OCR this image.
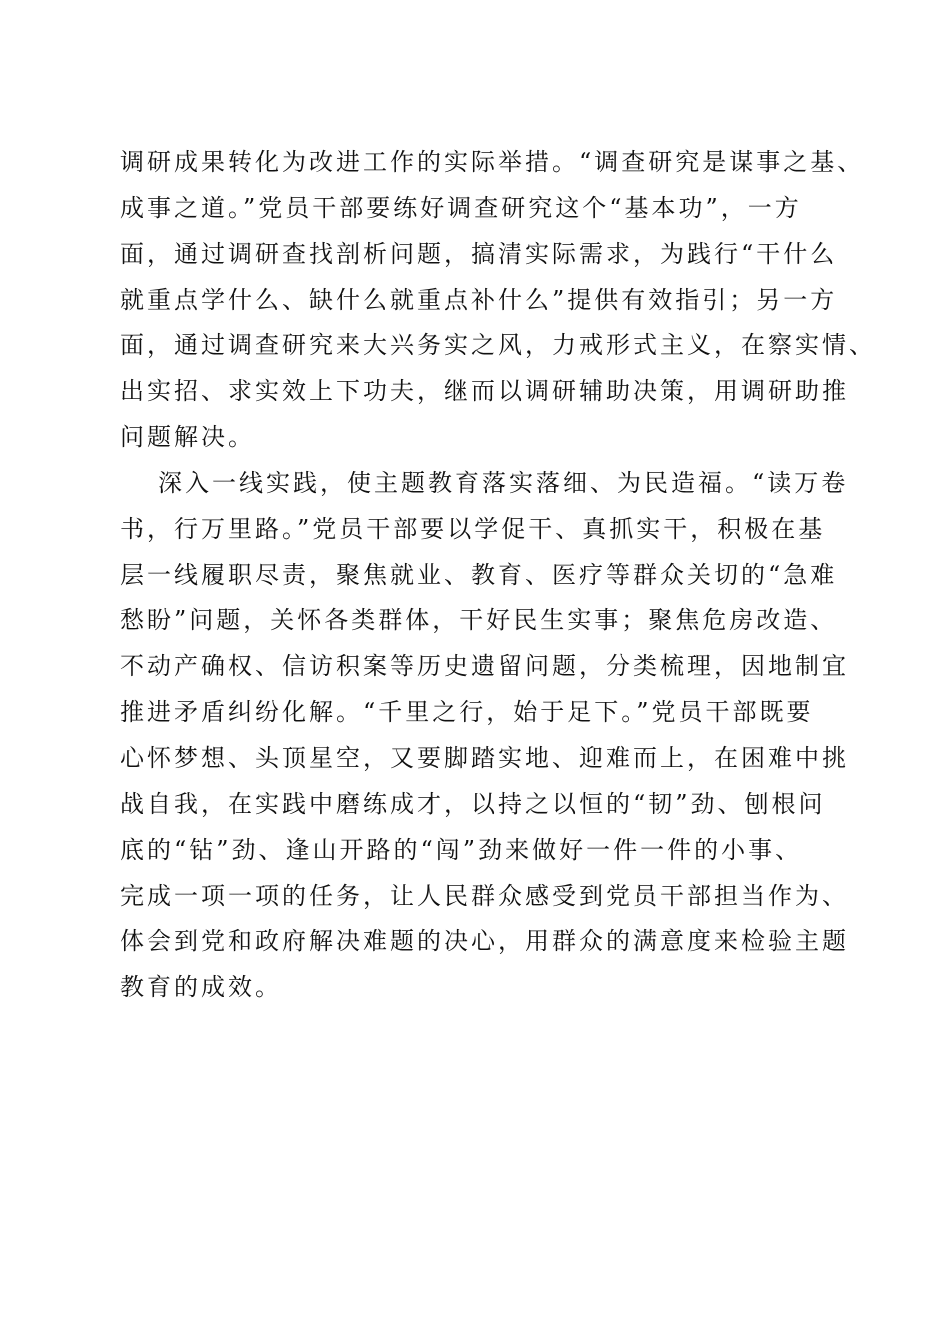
调研成果转化为改进工作的实际举措。“调查研究是谋事之基、
成事之道。”党员干部要练好调查研究这个“基本功”，一方
面，通过调研查找剖析问题，搞清实际需求，为践行“干什么
就重点学什么、缺什么就重点补什么”提供有效指引；另一方
面，通过调查研究来大兴务实之风，力戒形式主义，在察实情、
出实招、求实效上下功夫，继而以调研辅助决策，用调研助推
问题解决。
深入一线实践，使主题教育落实落细、为民造福。“读万卷
书，行万里路。”党员干部要以学促干、真抓实干，积极在基
层一线履职尽责，聚焦就业、教育、医疗等群众关切的“急难
愁盼”问题，关怀各类群体，干好民生实事；聚焦危房改造、
不动产确权、信访积案等历史遗留问题，分类梳理，因地制宜
推进矛盾纠纷化解。“千里之行，始于足下。”党员干部既要
心怀梦想、头顶星空，又要脚踏实地、迎难而上，在困难中挑
战自我，在实践中磨练成才，以持之以恒的“韧”劲、刨根问
底的“钻”劲、逢山开路的“闯”劲来做好一件一件的小事、
完成一项一项的任务，让人民群众感受到党员干部担当作为、
体会到党和政府解决难题的决心，用群众的满意度来检验主题
教育的成效。
